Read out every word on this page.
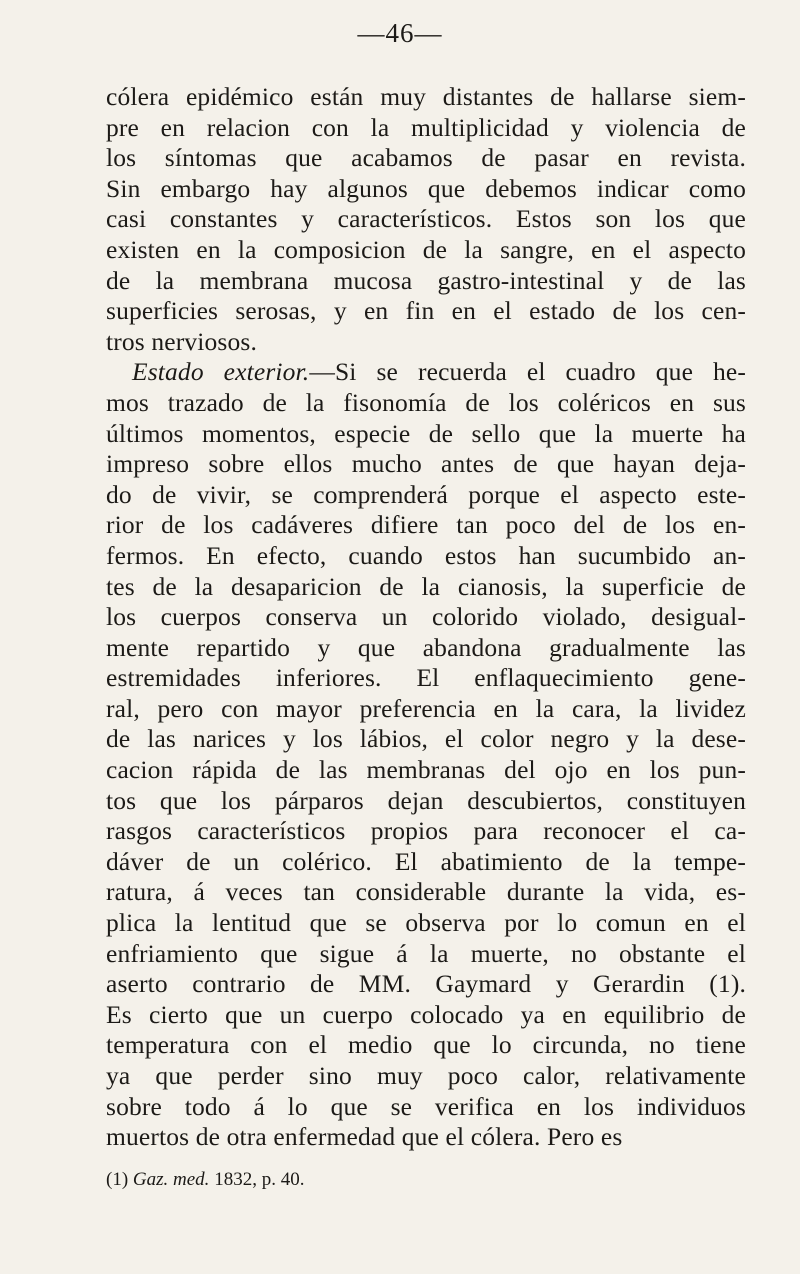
—46—
cólera epidémico están muy distantes de hallarse siem-
pre en relacion con la multiplicidad y violencia de
los síntomas que acabamos de pasar en revista.
Sin embargo hay algunos que debemos indicar como
casi constantes y característicos. Estos son los que
existen en la composicion de la sangre, en el aspecto
de la membrana mucosa gastro-intestinal y de las
superficies serosas, y en fin en el estado de los cen-
tros nerviosos.
Estado exterior.—Si se recuerda el cuadro que he-
mos trazado de la fisonomía de los coléricos en sus
últimos momentos, especie de sello que la muerte ha
impreso sobre ellos mucho antes de que hayan deja-
do de vivir, se comprenderá porque el aspecto este-
rior de los cadáveres difiere tan poco del de los en-
fermos. En efecto, cuando estos han sucumbido an-
tes de la desaparicion de la cianosis, la superficie de
los cuerpos conserva un colorido violado, desigual-
mente repartido y que abandona gradualmente las
estremidades inferiores. El enflaquecimiento gene-
ral, pero con mayor preferencia en la cara, la lividez
de las narices y los lábios, el color negro y la dese-
cacion rápida de las membranas del ojo en los pun-
tos que los párparos dejan descubiertos, constituyen
rasgos característicos propios para reconocer el ca-
dáver de un colérico. El abatimiento de la tempe-
ratura, á veces tan considerable durante la vida, es-
plica la lentitud que se observa por lo comun en el
enfriamiento que sigue á la muerte, no obstante el
aserto contrario de MM. Gaymard y Gerardin (1).
Es cierto que un cuerpo colocado ya en equilibrio de
temperatura con el medio que lo circunda, no tiene
ya que perder sino muy poco calor, relativamente
sobre todo á lo que se verifica en los individuos
muertos de otra enfermedad que el cólera. Pero es
(1) Gaz. med. 1832, p. 40.
